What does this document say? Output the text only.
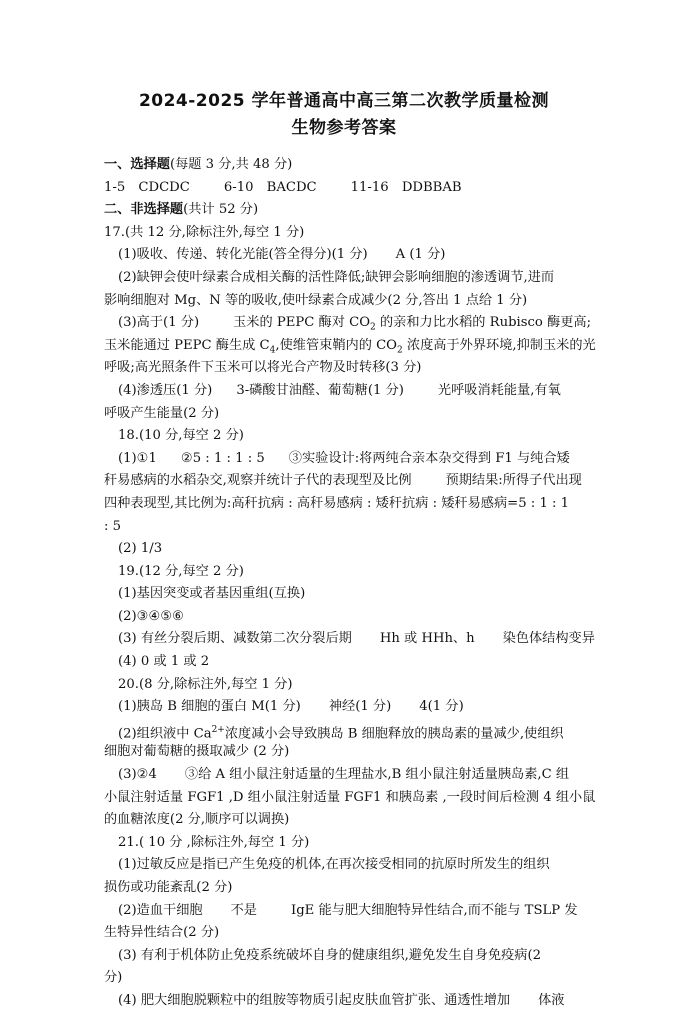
2024-2025 学年普通高中高三第二次教学质量检测
生物参考答案
一、选择题(每题 3 分,共 48 分)
1-5　CDCDC	6-10　BACDC	11-16　DDBBAB
二、非选择题(共计 52 分)
17.(共 12 分,除标注外,每空 1 分)
(1)吸收、传递、转化光能(答全得分)(1 分) A (1 分)
(2)缺钾会使叶绿素合成相关酶的活性降低;缺钾会影响细胞的渗透调节,进而
影响细胞对 Mg、N 等的吸收,使叶绿素合成减少(2 分,答出 1 点给 1 分)
(3)高于(1 分)	玉米的 PEPC 酶对 $CO_2$ 的亲和力比水稻的 Rubisco 酶更高;
玉米能通过 PEPC 酶生成 $C_4$,使维管束鞘内的 $CO_2$ 浓度高于外界环境,抑制玉米的光
呼吸;高光照条件下玉米可以将光合产物及时转移(3 分)
(4)渗透压(1 分) 3-磷酸甘油醛、葡萄糖(1 分)	光呼吸消耗能量,有氧
呼吸产生能量(2 分)
18.(10 分,每空 2 分)
(1)①1 ②5 : 1 : 1 : 5 ③实验设计:将两纯合亲本杂交得到 F1 与纯合矮
秆易感病的水稻杂交,观察并统计子代的表现型及比例	预期结果:所得子代出现
四种表现型,其比例为:高秆抗病 : 高秆易感病 : 矮秆抗病 : 矮秆易感病=5 : 1 : 1
: 5
(2) 1/3
19.(12 分,每空 2 分)
(1)基因突变或者基因重组(互换)
(2)③④⑤⑥
(3) 有丝分裂后期、减数第二次分裂后期 Hh 或 HHh、h 染色体结构变异
(4) 0 或 1 或 2
20.(8 分,除标注外,每空 1 分)
(1)胰岛 B 细胞的蛋白 M(1 分) 神经(1 分) 4(1 分)
(2)组织液中 $Ca^{2+}$浓度减小会导致胰岛 B 细胞释放的胰岛素的量减少,使组织
细胞对葡萄糖的摄取减少 (2 分)
(3)②4 ③给 A 组小鼠注射适量的生理盐水,B 组小鼠注射适量胰岛素,C 组
小鼠注射适量 FGF1 ,D 组小鼠注射适量 FGF1 和胰岛素 ,一段时间后检测 4 组小鼠
的血糖浓度(2 分,顺序可以调换)
21.( 10 分 ,除标注外,每空 1 分)
(1)过敏反应是指已产生免疫的机体,在再次接受相同的抗原时所发生的组织
损伤或功能紊乱(2 分)
(2)造血干细胞 不是	IgE 能与肥大细胞特异性结合,而不能与 TSLP 发
生特异性结合(2 分)
(3) 有利于机体防止免疫系统破坏自身的健康组织,避免发生自身免疫病(2
分)
(4) 肥大细胞脱颗粒中的组胺等物质引起皮肤血管扩张、通透性增加 体液
